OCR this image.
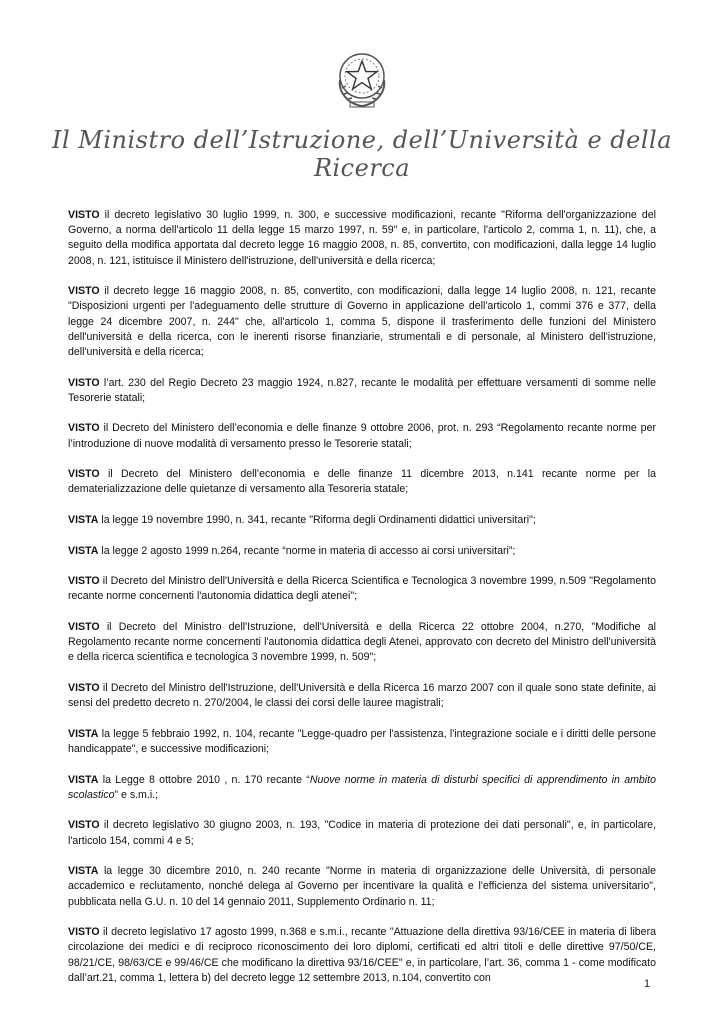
Il Ministro dell’Istruzione, dell’Università e della Ricerca

VISTO il decreto legislativo 30 luglio 1999, n. 300, e successive modificazioni, recante "Riforma dell'organizzazione del Governo, a norma dell'articolo 11 della legge 15 marzo 1997, n. 59" e, in particolare, l'articolo 2, comma 1, n. 11), che, a seguito della modifica apportata dal decreto legge 16 maggio 2008, n. 85, convertito, con modificazioni, dalla legge 14 luglio 2008, n. 121, istituisce il Ministero dell'istruzione, dell'università e della ricerca;

VISTO il decreto legge 16 maggio 2008, n. 85, convertito, con modificazioni, dalla legge 14 luglio 2008, n. 121, recante "Disposizioni urgenti per l'adeguamento delle strutture di Governo in applicazione dell'articolo 1, commi 376 e 377, della legge 24 dicembre 2007, n. 244" che, all'articolo 1, comma 5, dispone il trasferimento delle funzioni del Ministero dell'università e della ricerca, con le inerenti risorse finanziarie, strumentali e di personale, al Ministero dell'istruzione, dell'università e della ricerca;

VISTO l’art. 230 del Regio Decreto 23 maggio 1924, n.827, recante le modalità per effettuare versamenti di somme nelle Tesorerie statali;

VISTO il Decreto del Ministero dell’economia e delle finanze 9 ottobre 2006, prot. n. 293 “Regolamento recante norme per l’introduzione di nuove modalità di versamento presso le Tesorerie statali;

VISTO il Decreto del Ministero dell’economia e delle finanze 11 dicembre 2013, n.141 recante norme per la dematerializzazione delle quietanze di versamento alla Tesoreria statale;

VISTA la legge 19 novembre 1990, n. 341, recante "Riforma degli Ordinamenti didattici universitari";

VISTA la legge 2 agosto 1999 n.264, recante “norme in materia di accesso ai corsi universitari”;

VISTO il Decreto del Ministro dell'Università e della Ricerca Scientifica e Tecnologica 3 novembre 1999, n.509 "Regolamento recante norme concernenti l'autonomia didattica degli atenei";

VISTO il Decreto del Ministro dell'Istruzione, dell'Università e della Ricerca 22 ottobre 2004, n.270, "Modifiche al Regolamento recante norme concernenti l'autonomia didattica degli Atenei, approvato con decreto del Ministro dell'università e della ricerca scientifica e tecnologica 3 novembre 1999, n. 509";

VISTO il Decreto del Ministro dell'Istruzione, dell'Università e della Ricerca 16 marzo 2007 con il quale sono state definite, ai sensi del predetto decreto n. 270/2004, le classi dei corsi delle lauree magistrali;

VISTA la legge 5 febbraio 1992, n. 104, recante "Legge-quadro per l'assistenza, l'integrazione sociale e i diritti delle persone handicappate", e successive modificazioni;

VISTA la Legge 8 ottobre 2010 , n. 170 recante “Nuove norme in materia di disturbi specifici di apprendimento in ambito scolastico” e s.m.i.;

VISTO il decreto legislativo 30 giugno 2003, n. 193, "Codice in materia di protezione dei dati personali", e, in particolare, l'articolo 154, commi 4 e 5;

VISTA la legge 30 dicembre 2010, n. 240 recante "Norme in materia di organizzazione delle Università, di personale accademico e reclutamento, nonché delega al Governo per incentivare la qualità e l'efficienza del sistema universitario", pubblicata nella G.U. n. 10 del 14 gennaio 2011, Supplemento Ordinario n. 11;

VISTO il decreto legislativo 17 agosto 1999, n.368 e s.m.i., recante "Attuazione della direttiva 93/16/CEE in materia di libera circolazione dei medici e di reciproco riconoscimento dei loro diplomi, certificati ed altri titoli e delle direttive 97/50/CE, 98/21/CE, 98/63/CE e 99/46/CE che modificano la direttiva 93/16/CEE" e, in particolare, l’art. 36, comma 1 - come modificato dall’art.21, comma 1, lettera b) del decreto legge 12 settembre 2013, n.104, convertito con

1
